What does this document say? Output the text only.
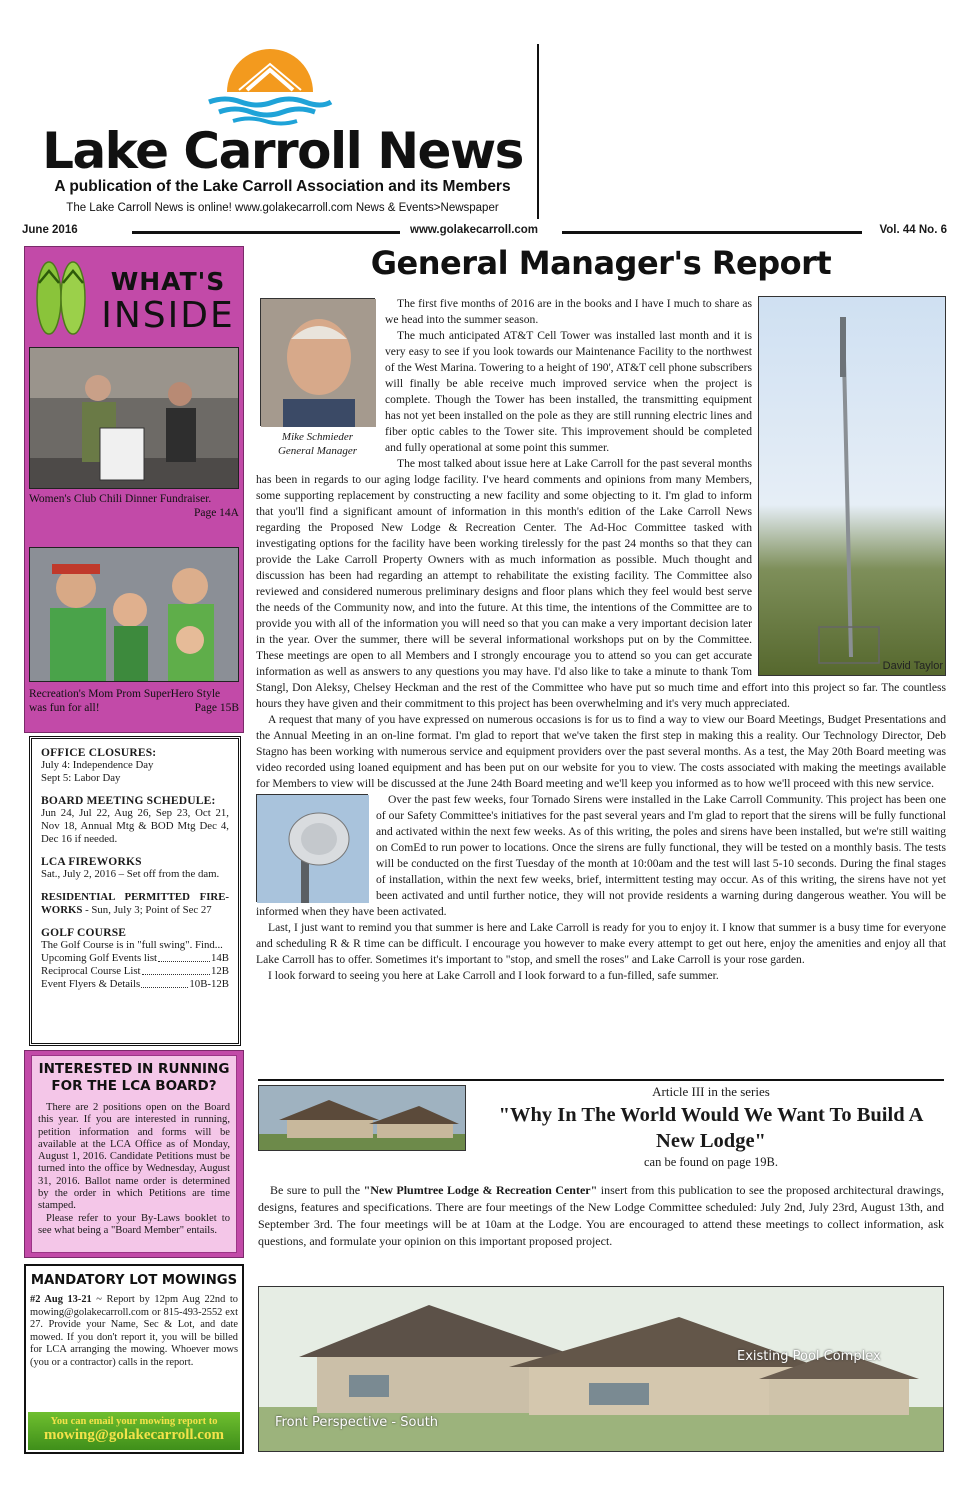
Lake Carroll News
A publication of the Lake Carroll Association and its Members
The Lake Carroll News is online! www.golakecarroll.com News & Events>Newspaper
June 2016	www.golakecarroll.com	Vol. 44 No. 6
WHAT'S
INSIDE
Women's Club Chili Dinner Fundraiser.

Page 14A
Recreation's Mom Prom SuperHero Style was fun for all!	Page 15B
OFFICE CLOSURES:

July 4: Independence Day

Sept 5: Labor Day

BOARD MEETING SCHEDULE:

Jun 24, Jul 22, Aug 26, Sep 23, Oct 21, Nov 18, Annual Mtg & BOD Mtg Dec 4, Dec 16 if needed.

LCA FIREWORKS

Sat., July 2, 2016 – Set off from the dam.

RESIDENTIAL PERMITTED FIRE-WORKS - Sun, July 3; Point of Sec 27

GOLF COURSE

The Golf Course is in "full swing". Find...

Upcoming Golf Events list	14B
Reciprocal Course List	12B
Event Flyers & Details	10B-12B
INTERESTED IN RUNNING FOR THE LCA BOARD?

There are 2 positions open on the Board this year. If you are interested in running, petition information and forms will be available at the LCA Office as of Monday, August 1, 2016. Candidate Petitions must be turned into the office by Wednesday, August 31, 2016. Ballot name order is determined by the order in which Petitions are time stamped.

Please refer to your By-Laws booklet to see what being a "Board Member" entails.

MANDATORY LOT MOWINGS
#2 Aug 13-21 ~ Report by 12pm Aug 22nd to mowing@golakecarroll.com or 815-493-2552 ext 27. Provide your Name, Sec & Lot, and date mowed. If you don't report it, you will be billed for LCA arranging the mowing. Whoever mows (you or a contractor) calls in the report.
You can email your mowing report to
mowing@golakecarroll.com
General Manager's Report
David Taylor
Mike Schmieder
General Manager

The first five months of 2016 are in the books and I have I much to share as we head into the summer season.

The much anticipated AT&T Cell Tower was installed last month and it is very easy to see if you look towards our Maintenance Facility to the northwest of the West Marina. Towering to a height of 190', AT&T cell phone subscribers will finally be able receive much improved service when the project is complete. Though the Tower has been installed, the transmitting equipment has not yet been installed on the pole as they are still running electric lines and fiber optic cables to the Tower site. This improvement should be completed and fully operational at some point this summer.

The most talked about issue here at Lake Carroll for the past several months has been in regards to our aging lodge facility. I've heard comments and opinions from many Members, some supporting replacement by constructing a new facility and some objecting to it. I'm glad to inform that you'll find a significant amount of information in this month's edition of the Lake Carroll News regarding the Proposed New Lodge & Recreation Center. The Ad-Hoc Committee tasked with investigating options for the facility have been working tirelessly for the past 24 months so that they can provide the Lake Carroll Property Owners with as much information as possible. Much thought and discussion has been had regarding an attempt to rehabilitate the existing facility. The Committee also reviewed and considered numerous preliminary designs and floor plans which they feel would best serve the needs of the Community now, and into the future. At this time, the intentions of the Committee are to provide you with all of the information you will need so that you can make a very important decision later in the year. Over the summer, there will be several informational workshops put on by the Committee. These meetings are open to all Members and I strongly encourage you to attend so you can get accurate information as well as answers to any questions you may have. I'd also like to take a minute to thank Tom Stangl, Don Aleksy, Chelsey Heckman and the rest of the Committee who have put so much time and effort into this project so far. The countless hours they have given and their commitment to this project has been overwhelming and it's very much appreciated.

A request that many of you have expressed on numerous occasions is for us to find a way to view our Board Meetings, Budget Presentations and the Annual Meeting in an on-line format. I'm glad to report that we've taken the first step in making this a reality. Our Technology Director, Deb Stagno has been working with numerous service and equipment providers over the past several months. As a test, the May 20th Board meeting was video recorded using loaned equipment and has been put on our website for you to view. The costs associated with making the meetings available for Members to view will be discussed at the June 24th Board meeting and we'll keep you informed as to how we'll proceed with this new service.

Over the past few weeks, four Tornado Sirens were installed in the Lake Carroll Community. This project has been one of our Safety Committee's initiatives for the past several years and I'm glad to report that the sirens will be fully functional and activated within the next few weeks. As of this writing, the poles and sirens have been installed, but we're still waiting on ComEd to run power to locations. Once the sirens are fully functional, they will be tested on a monthly basis. The tests will be conducted on the first Tuesday of the month at 10:00am and the test will last 5-10 seconds. During the final stages of installation, within the next few weeks, brief, intermittent testing may occur. As of this writing, the sirens have not yet been activated and until further notice, they will not provide residents a warning during dangerous weather. You will be informed when they have been activated.

Last, I just want to remind you that summer is here and Lake Carroll is ready for you to enjoy it. I know that summer is a busy time for everyone and scheduling R & R time can be difficult. I encourage you however to make every attempt to get out here, enjoy the amenities and enjoy all that Lake Carroll has to offer. Sometimes it's important to "stop, and smell the roses" and Lake Carroll is your rose garden.

I look forward to seeing you here at Lake Carroll and I look forward to a fun-filled, safe summer.

Article III in the series
"Why In The World Would We Want To Build A New Lodge"
can be found on page 19B.

Be sure to pull the "New Plumtree Lodge & Recreation Center" insert from this publication to see the proposed architectural drawings, designs, features and specifications. There are four meetings of the New Lodge Committee scheduled: July 2nd, July 23rd, August 13th, and September 3rd. The four meetings will be at 10am at the Lodge. You are encouraged to attend these meetings to collect information, ask questions, and formulate your opinion on this important proposed project.

Existing Pool Complex
Front Perspective - South
